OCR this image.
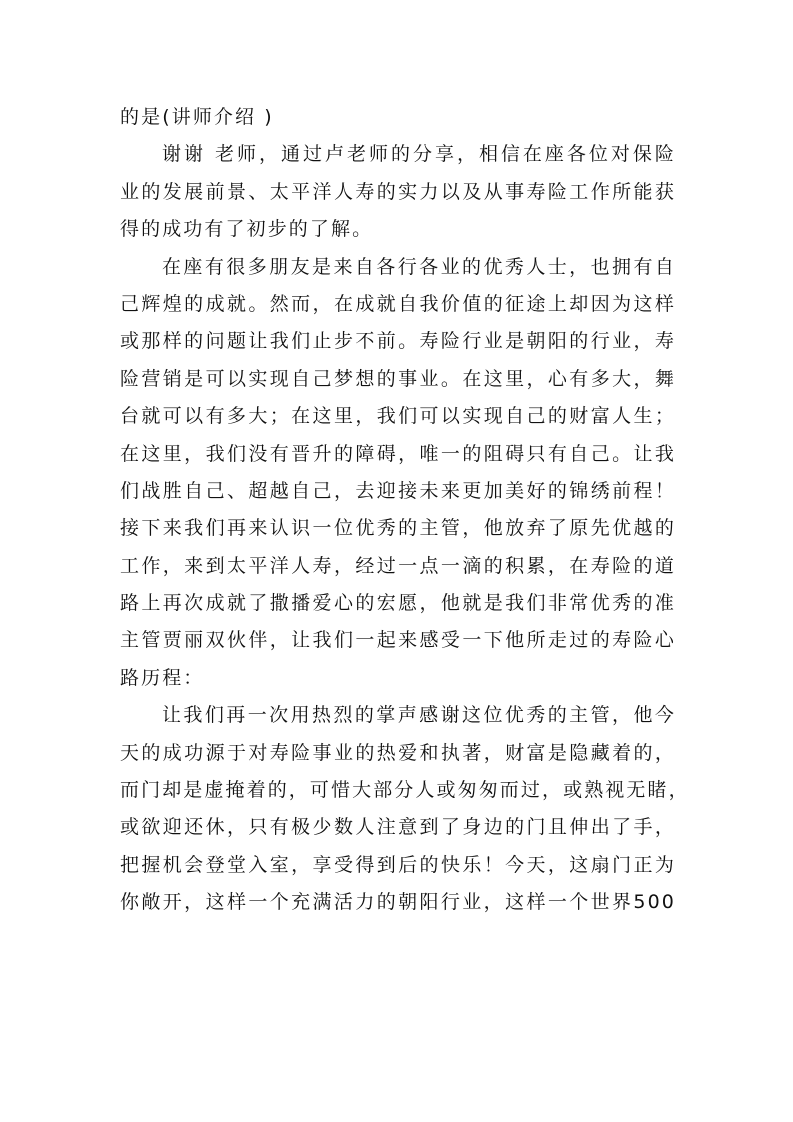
的是(讲师介绍 )
谢谢 老师，通过卢老师的分享，相信在座各位对保险
业的发展前景、太平洋人寿的实力以及从事寿险工作所能获
得的成功有了初步的了解。
在座有很多朋友是来自各行各业的优秀人士，也拥有自
己辉煌的成就。然而，在成就自我价值的征途上却因为这样
或那样的问题让我们止步不前。寿险行业是朝阳的行业，寿
险营销是可以实现自己梦想的事业。在这里，心有多大，舞
台就可以有多大；在这里，我们可以实现自己的财富人生；
在这里，我们没有晋升的障碍，唯一的阻碍只有自己。让我
们战胜自己、超越自己，去迎接未来更加美好的锦绣前程！
接下来我们再来认识一位优秀的主管，他放弃了原先优越的
工作，来到太平洋人寿，经过一点一滴的积累，在寿险的道
路上再次成就了撒播爱心的宏愿，他就是我们非常优秀的准
主管贾丽双伙伴，让我们一起来感受一下他所走过的寿险心
路历程：
让我们再一次用热烈的掌声感谢这位优秀的主管，他今
天的成功源于对寿险事业的热爱和执著，财富是隐藏着的，
而门却是虚掩着的，可惜大部分人或匆匆而过，或熟视无睹，
或欲迎还休，只有极少数人注意到了身边的门且伸出了手，
把握机会登堂入室，享受得到后的快乐！今天，这扇门正为
你敞开，这样一个充满活力的朝阳行业，这样一个世界500
